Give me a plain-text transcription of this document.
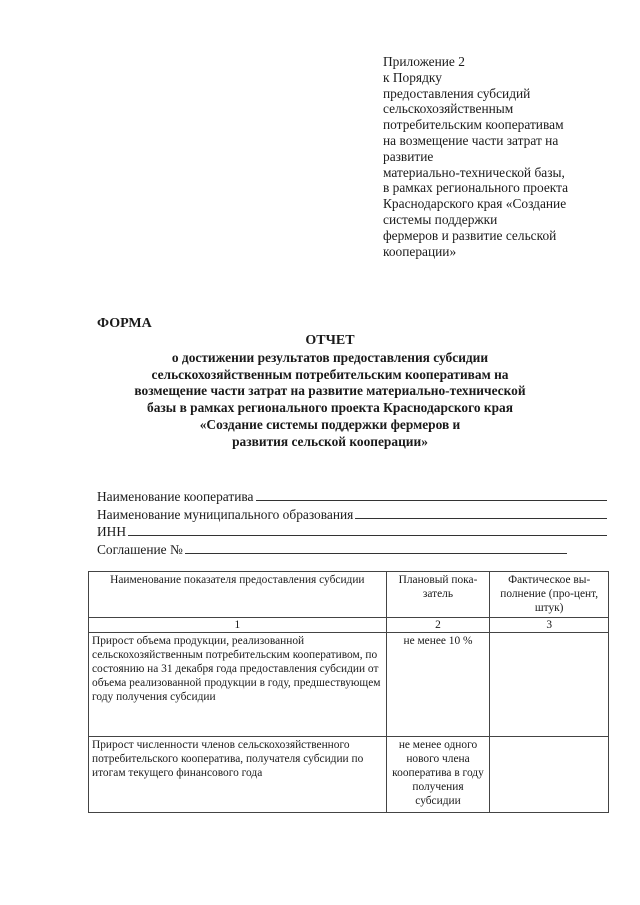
Приложение 2
к Порядку
предоставления субсидий
сельскохозяйственным
потребительским кооперативам
на возмещение части затрат на
развитие
материально-технической базы,
в рамках регионального проекта
Краснодарского края «Создание
системы поддержки
фермеров и развитие сельской
кооперации»
ФОРМА
ОТЧЕТ
о достижении результатов предоставления субсидии
сельскохозяйственным потребительским кооперативам на
возмещение части затрат на развитие материально-технической
базы в рамках регионального проекта Краснодарского края
«Создание системы поддержки фермеров и
развития сельской кооперации»
Наименование кооператива
Наименование муниципального образования
ИНН
Соглашение №
Наименование показателя предоставления субсидии	Плановый пока-затель	Фактическое вы-полнение (про-цент, штук)
1	2	3
Прирост объема продукции, реализованной сельскохозяйственным потребительским кооперативом, по состоянию на 31 декабря года предоставления субсидии от объема реализованной продукции в году, предшествующем году получения субсидии	не менее 10 %	
Прирост численности членов сельскохозяйственного потребительского кооператива, получателя субсидии по итогам текущего финансового года	не менее одного нового члена кооператива в году получения субсидии	
